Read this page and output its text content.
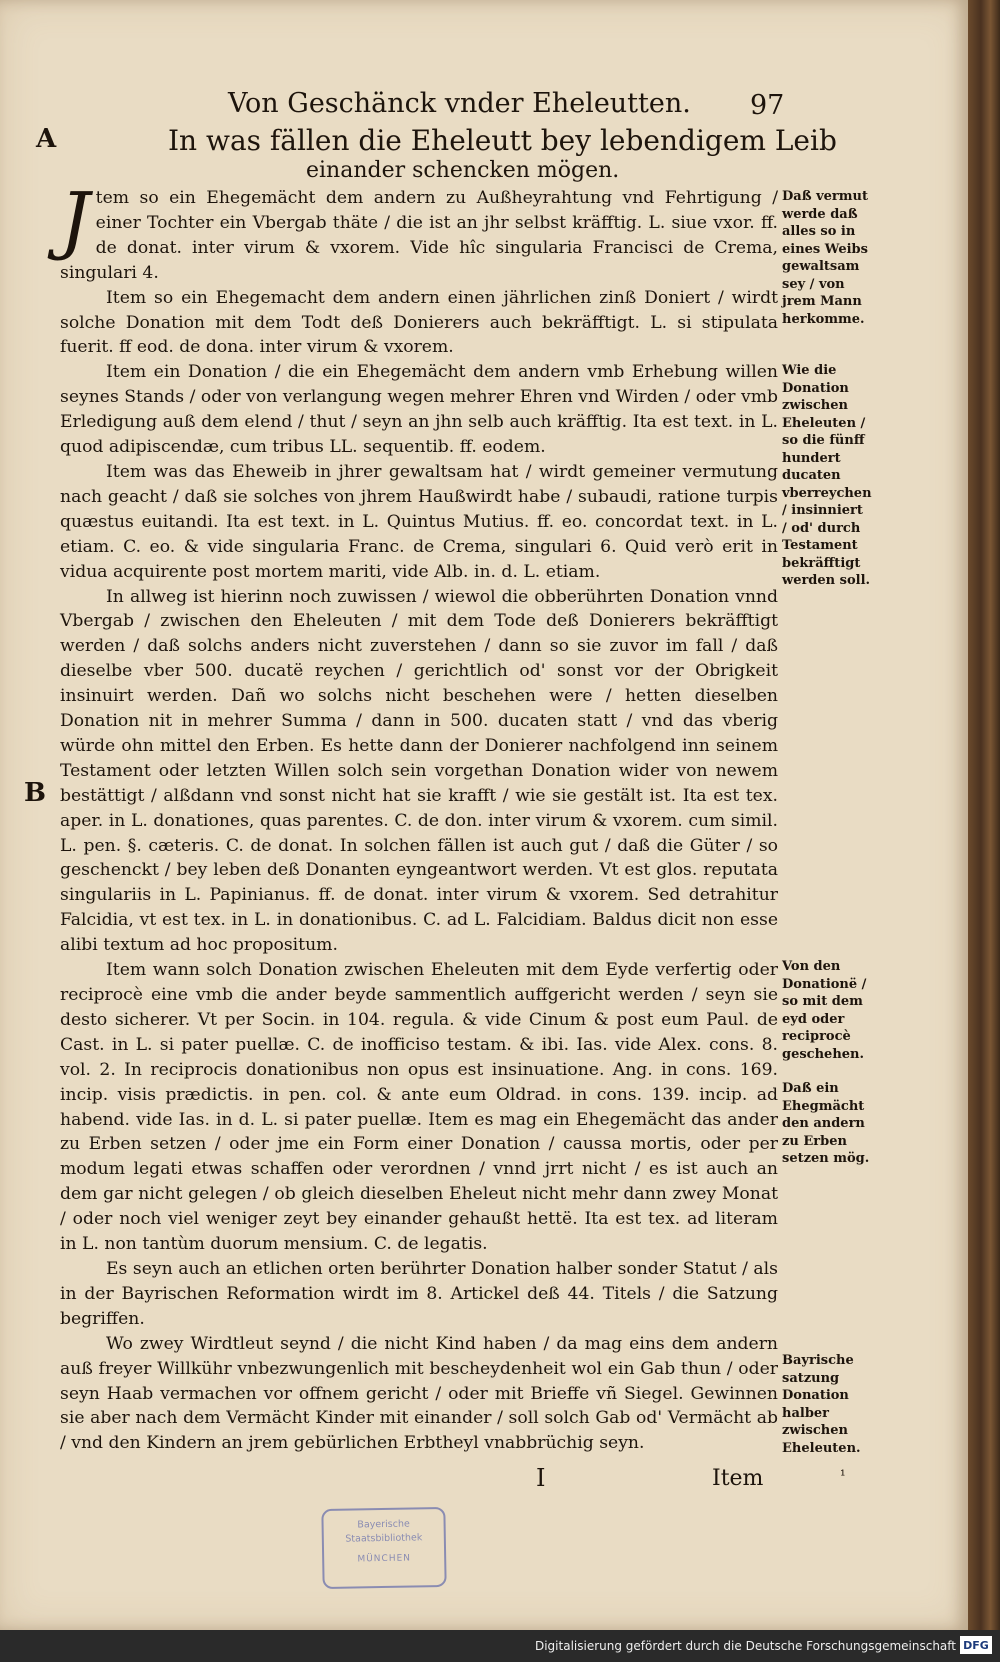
Von Geschänck vnder Eheleutten. 97
A
B
In was fällen die Eheleutt bey lebendigem Leib
einander schencken mögen.

Jtem so ein Ehegemächt dem andern zu Außheyrahtung vnd Fehrtigung / einer Tochter ein Vbergab thäte / die ist an jhr selbst kräfftig. L. siue vxor. ff. de donat. inter virum & vxorem. Vide hîc singularia Francisci de Crema, singulari 4.

Item so ein Ehegemacht dem andern einen jährlichen zinß Doniert / wirdt solche Donation mit dem Todt deß Donierers auch bekräfftigt. L. si stipulata fuerit. ff eod. de dona. inter virum & vxorem.

Item ein Donation / die ein Ehegemächt dem andern vmb Erhebung willen seynes Stands / oder von verlangung wegen mehrer Ehren vnd Wirden / oder vmb Erledigung auß dem elend / thut / seyn an jhn selb auch kräfftig. Ita est text. in L. quod adipiscendæ, cum tribus LL. sequentib. ff. eodem.

Item was das Eheweib in jhrer gewaltsam hat / wirdt gemeiner vermutung nach geacht / daß sie solches von jhrem Haußwirdt habe / subaudi, ratione turpis quæstus euitandi. Ita est text. in L. Quintus Mutius. ff. eo. concordat text. in L. etiam. C. eo. & vide singularia Franc. de Crema, singulari 6. Quid verò erit in vidua acquirente post mortem mariti, vide Alb. in. d. L. etiam.

In allweg ist hierinn noch zuwissen / wiewol die obberührten Donation vnnd Vbergab / zwischen den Eheleuten / mit dem Tode deß Donierers bekräfftigt werden / daß solchs anders nicht zuverstehen / dann so sie zuvor im fall / daß dieselbe vber 500. ducatë reychen / gerichtlich od' sonst vor der Obrigkeit insinuirt werden. Dañ wo solchs nicht beschehen were / hetten dieselben Donation nit in mehrer Summa / dann in 500. ducaten statt / vnd das vberig würde ohn mittel den Erben. Es hette dann der Donierer nachfolgend inn seinem Testament oder letzten Willen solch sein vorgethan Donation wider von newem bestättigt / alßdann vnd sonst nicht hat sie krafft / wie sie gestält ist. Ita est tex. aper. in L. donationes, quas parentes. C. de don. inter virum & vxorem. cum simil. L. pen. §. cæteris. C. de donat. In solchen fällen ist auch gut / daß die Güter / so geschenckt / bey leben deß Donanten eyngeantwort werden. Vt est glos. reputata singulariis in L. Papinianus. ff. de donat. inter virum & vxorem. Sed detrahitur Falcidia, vt est tex. in L. in donationibus. C. ad L. Falcidiam. Baldus dicit non esse alibi textum ad hoc propositum.

Item wann solch Donation zwischen Eheleuten mit dem Eyde verfertig oder reciprocè eine vmb die ander beyde sammentlich auffgericht werden / seyn sie desto sicherer. Vt per Socin. in 104. regula. & vide Cinum & post eum Paul. de Cast. in L. si pater puellæ. C. de inofficiso testam. & ibi. Ias. vide Alex. cons. 8. vol. 2. In reciprocis donationibus non opus est insinuatione. Ang. in cons. 169. incip. visis prædictis. in pen. col. & ante eum Oldrad. in cons. 139. incip. ad habend. vide Ias. in d. L. si pater puellæ. Item es mag ein Ehegemächt das ander zu Erben setzen / oder jme ein Form einer Donation / caussa mortis, oder per modum legati etwas schaffen oder verordnen / vnnd jrrt nicht / es ist auch an dem gar nicht gelegen / ob gleich dieselben Eheleut nicht mehr dann zwey Monat / oder noch viel weniger zeyt bey einander gehaußt hettë. Ita est tex. ad literam in L. non tantùm duorum mensium. C. de legatis.

Es seyn auch an etlichen orten berührter Donation halber sonder Statut / als in der Bayrischen Reformation wirdt im 8. Artickel deß 44. Titels / die Satzung begriffen.

Wo zwey Wirdtleut seynd / die nicht Kind haben / da mag eins dem andern auß freyer Willkühr vnbezwungenlich mit bescheydenheit wol ein Gab thun / oder seyn Haab vermachen vor offnem gericht / oder mit Brieffe vñ Siegel. Gewinnen sie aber nach dem Vermächt Kinder mit einander / soll solch Gab od' Vermächt ab / vnd den Kindern an jrem gebürlichen Erbtheyl vnabbrüchig seyn.

Daß vermut werde daß alles so in eines Weibs gewaltsam sey / von jrem Mann herkomme.
Wie die Donation zwischen Eheleuten / so die fünff hundert ducaten vberreychen / insinniert / od' durch Testament bekräfftigt werden soll.
Von den Donationë / so mit dem eyd oder reciprocè geschehen.
Daß ein Ehegmächt den andern zu Erben setzen mög.
Bayrische satzung Donation halber zwischen Eheleuten.
I	Item	¹
Bayerische
Staatsbibliothek
MÜNCHEN
Digitalisierung gefördert durch die Deutsche Forschungsgemeinschaft DFG
